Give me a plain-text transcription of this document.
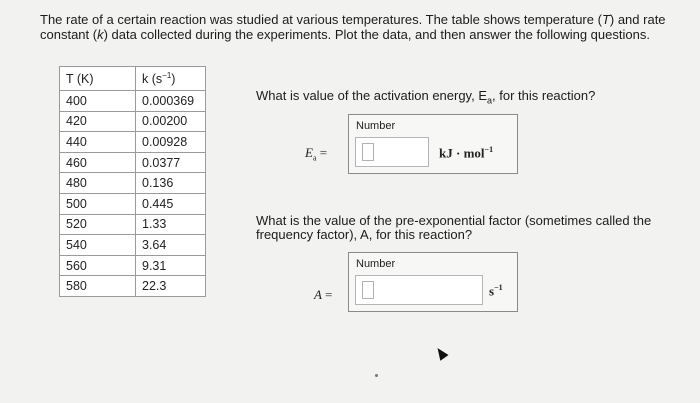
The rate of a certain reaction was studied at various temperatures. The table shows temperature (T) and rate constant (k) data collected during the experiments. Plot the data, and then answer the following questions.
T (K)	k $(s^{-1})$
400	0.000369
420	0.00200
440	0.00928
460	0.0377
480	0.136
500	0.445
520	1.33
540	3.64
560	9.31
580	22.3
What is value of the activation energy, $E_a$, for this reaction?
$E_a$ =
Number
kJ · mol$^{-1}$
What is the value of the pre-exponential factor (sometimes called the frequency factor), A, for this reaction?
A =
Number
$s^{-1}$
